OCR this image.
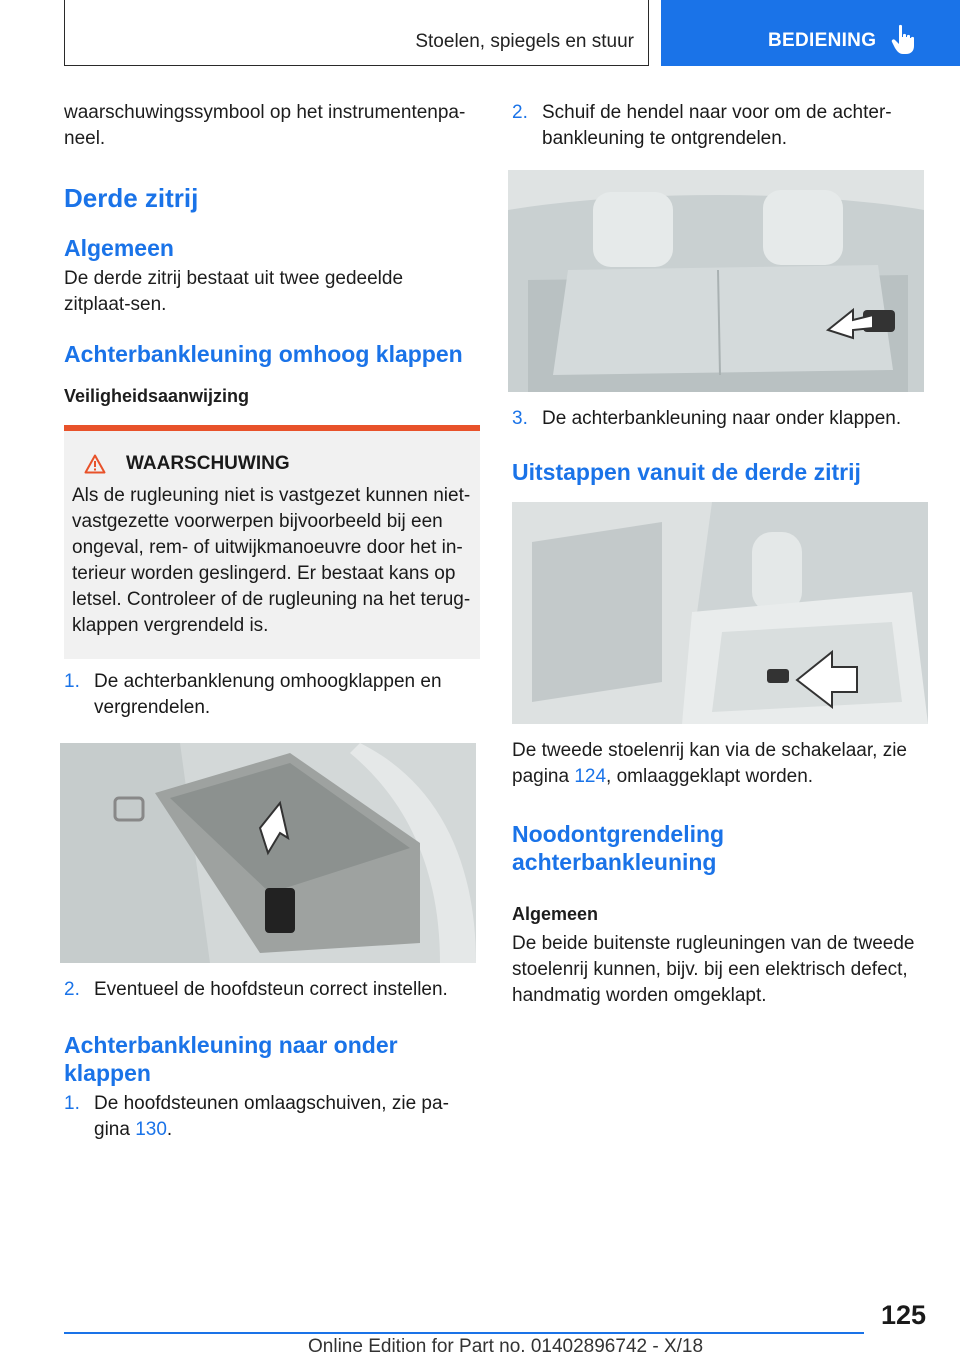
Stoelen, spiegels en stuur	BEDIENING

waarschuwingssymbool op het instrumentenpa-neel.

Derde zitrij
Algemeen

De derde zitrij bestaat uit twee gedeelde zitplaat-sen.

Achterbankleuning omhoog klappen
Veiligheidsaanwijzing
WAARSCHUWING

Als de rugleuning niet is vastgezet kunnen niet-vastgezette voorwerpen bijvoorbeeld bij een ongeval, rem- of uitwijkmanoeuvre door het in-terieur worden geslingerd. Er bestaat kans op letsel. Controleer of de rugleuning na het terug-klappen vergrendeld is.

1. De achterbanklenung omhoogklappen en vergrendelen.
2. Eventueel de hoofdsteun correct instellen.
Achterbankleuning naar onder klappen
1. De hoofdsteunen omlaagschuiven, zie pa-gina 130.
2. Schuif de hendel naar voor om de achter-bankleuning te ontgrendelen.
3. De achterbankleuning naar onder klappen.
Uitstappen vanuit de derde zitrij

De tweede stoelenrij kan via de schakelaar, zie pagina 124, omlaaggeklapt worden.

Noodontgrendeling achterbankleuning
Algemeen

De beide buitenste rugleuningen van de tweede stoelenrij kunnen, bijv. bij een elektrisch defect, handmatig worden omgeklapt.

125
Online Edition for Part no. 01402896742 - X/18
